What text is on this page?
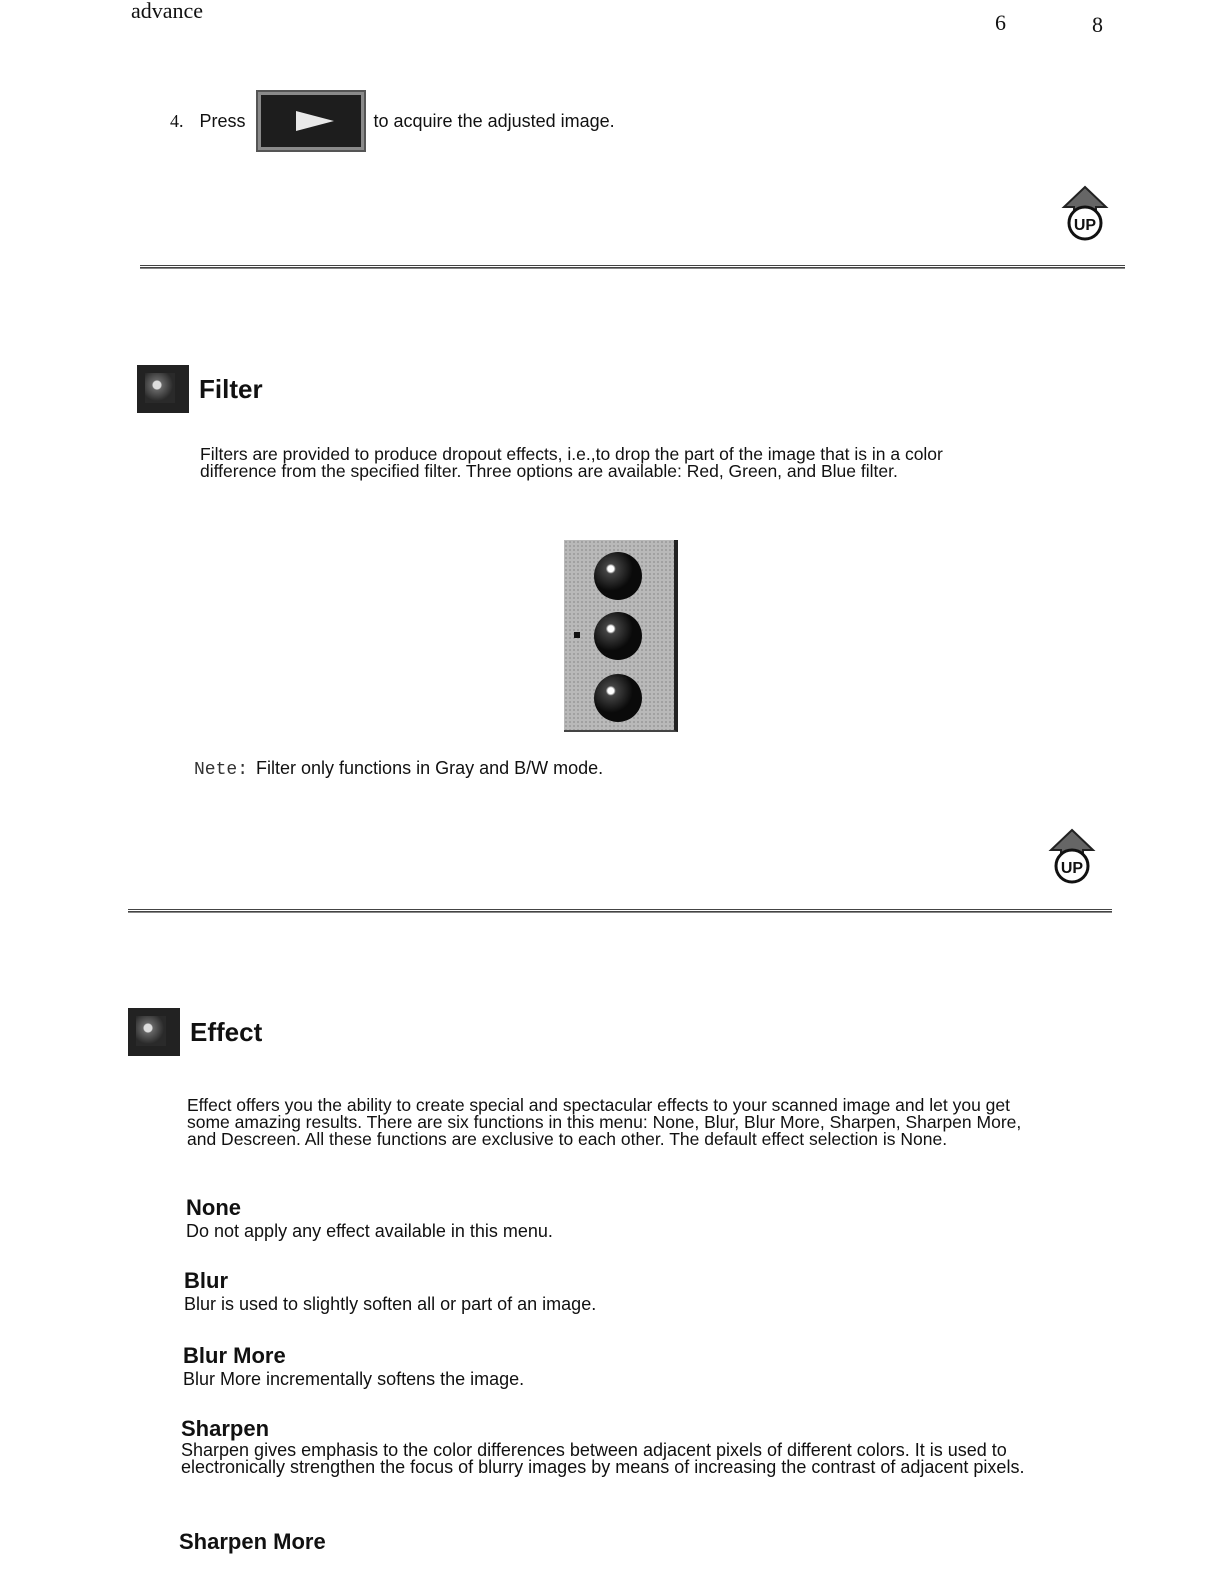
advance	6	8
4. Press	to acquire the adjusted image.
UP
Filter
Filters are provided to produce dropout effects, i.e.,to drop the part of the image that is in a color difference from the specified filter. Three options are available: Red, Green, and Blue filter.
Nete: Filter only functions in Gray and B/W mode.
UP
Effect
Effect offers you the ability to create special and spectacular effects to your scanned image and let you get some amazing results. There are six functions in this menu: None, Blur, Blur More, Sharpen, Sharpen More, and Descreen. All these functions are exclusive to each other. The default effect selection is None.
None
Do not apply any effect available in this menu.
Blur
Blur is used to slightly soften all or part of an image.
Blur More
Blur More incrementally softens the image.
Sharpen
Sharpen gives emphasis to the color differences between adjacent pixels of different colors. It is used to electronically strengthen the focus of blurry images by means of increasing the contrast of adjacent pixels.
Sharpen More
